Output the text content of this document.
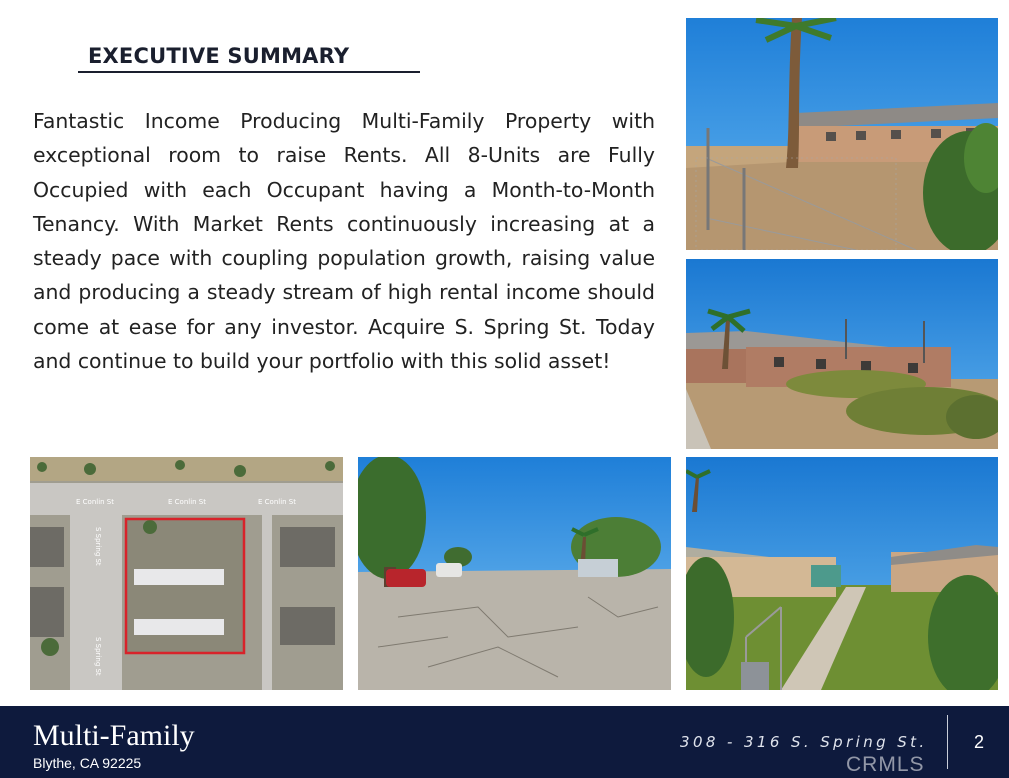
EXECUTIVE SUMMARY

Fantastic Income Producing Multi-Family Property with exceptional room to raise Rents. All 8-Units are Fully Occupied with each Occupant having a Month-to-Month Tenancy. With Market Rents continuously increasing at a steady pace with coupling population growth, raising value and producing a steady stream of high rental income should come at ease for any investor. Acquire S. Spring St. Today and continue to build your portfolio with this solid asset!

E Conlin St	E Conlin St	E Conlin St
S Spring St
S Spring St
Multi-Family
Blythe, CA 92225
308 - 316 S. Spring St.	2
CRMLS
